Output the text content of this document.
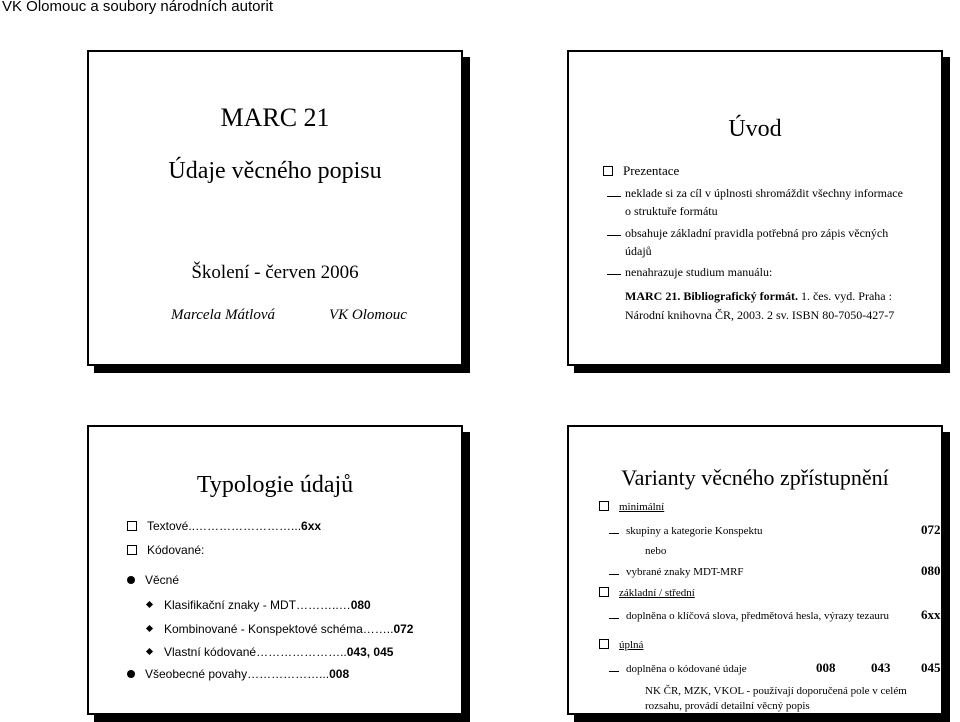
VK Olomouc a soubory národních autorit
MARC 21
Údaje věcného popisu
Školení - červen 2006
Marcela Mátlová	VK Olomouc
Úvod
Prezentace
neklade si za cíl v úplnosti shromáždit všechny informace
o struktuře formátu
obsahuje základní pravidla potřebná pro zápis věcných
údajů
nenahrazuje studium manuálu:
MARC 21. Bibliografický formát. 1. čes. vyd. Praha :
Národní knihovna ČR, 2003. 2 sv. ISBN 80-7050-427-7
Typologie údajů
Textové..……………………...6xx
Kódované:
Věcné
Klasifikační znaky - MDT………..…080
Kombinované - Konspektové schéma……..072
Vlastní kódované…………………..043, 045
Všeobecné povahy………………...008
Varianty věcného zpřístupnění
minimální
skupiny a kategorie Konspektu	072
nebo
vybrané znaky MDT-MRF	080
základní / střední
doplněna o klíčová slova, předmětová hesla, výrazy tezauru 6xx
úplná
doplněna o kódované údaje	008	043 045
NK ČR, MZK, VKOL - používají doporučená pole v celém
rozsahu, provádí detailní věcný popis
